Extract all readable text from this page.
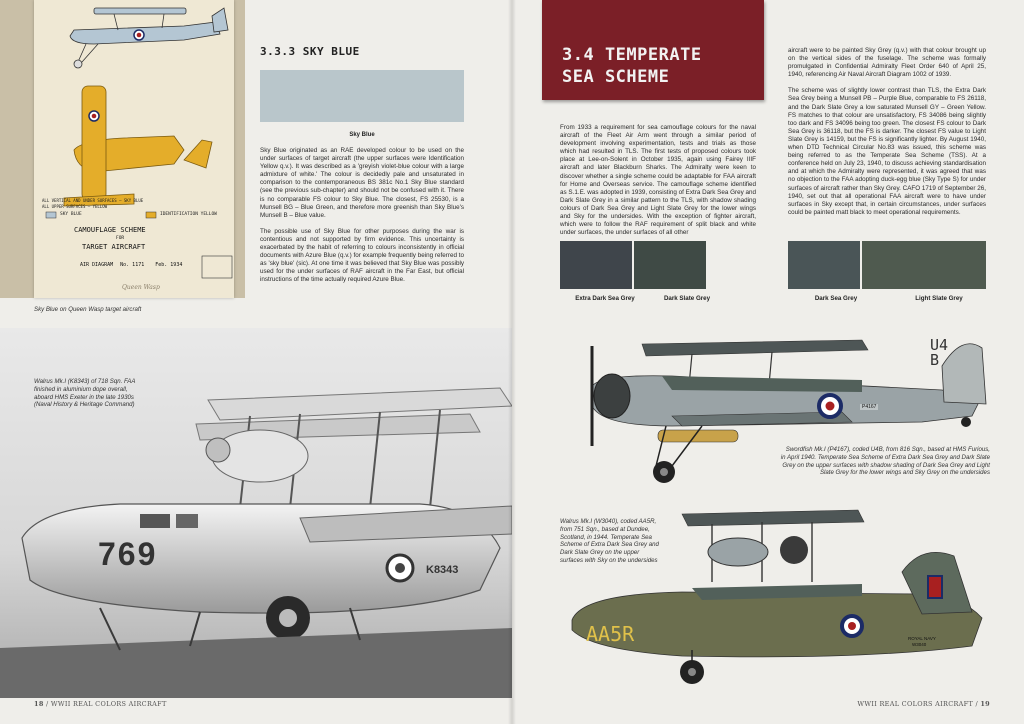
ALL VERTICAL AND UNDER SURFACES – SKY BLUE
ALL UPPER SURFACES – YELLOW
SKY BLUE	IDENTIFICATION YELLOW
CAMOUFLAGE SCHEME
FOR
TARGET AIRCRAFT
AIR DIAGRAM No. 1171 Feb. 1934
Queen Wasp

Sky Blue on Queen Wasp target aircraft

3.3.3 SKY BLUE
Sky Blue

Sky Blue originated as an RAE developed colour to be used on the under surfaces of target aircraft (the upper surfaces were Identification Yellow q.v.). It was described as a 'greyish violet-blue colour with a large admixture of white.' The colour is decidedly pale and unsaturated in comparison to the contemporaneous BS 381c No.1 Sky Blue standard (see the previous sub-chapter) and should not be confused with it. There is no comparable FS colour to Sky Blue. The closest, FS 25530, is a Munsell BG – Blue Green, and therefore more greenish than Sky Blue's Munsell B – Blue value.

The possible use of Sky Blue for other purposes during the war is contentious and not supported by firm evidence. This uncertainty is exacerbated by the habit of referring to colours inconsistently in official documents with Azure Blue (q.v.) for example frequently being referred to as 'sky blue' (sic). At one time it was believed that Sky Blue was possibly used for the under surfaces of RAF aircraft in the Far East, but official instructions of the time actually required Azure Blue.

769	K8343

Walrus Mk.I (K8343) of 718 Sqn. FAA finished in aluminium dope overall, aboard HMS Exeter in the late 1930s (Naval History & Heritage Command)

18 / WWII REAL COLORS AIRCRAFT
3.4 TEMPERATE
SEA SCHEME

From 1933 a requirement for sea camouflage colours for the naval aircraft of the Fleet Air Arm went through a similar period of development involving experimentation, tests and trials as those which had resulted in TLS. The first tests of proposed colours took place at Lee-on-Solent in October 1935, again using Fairey IIIF aircraft and later Blackburn Sharks. The Admiralty were keen to discover whether a single scheme could be adaptable for FAA aircraft for Home and Overseas service. The camouflage scheme identified as S.1.E. was adopted in 1939, consisting of Extra Dark Sea Grey and Dark Slate Grey in a similar pattern to the TLS, with shadow shading colours of Dark Sea Grey and Light Slate Grey for the lower wings and Sky for the undersides. With the exception of fighter aircraft, which were to follow the RAF requirement of split black and white under surfaces, the under surfaces of all other

aircraft were to be painted Sky Grey (q.v.) with that colour brought up on the vertical sides of the fuselage. The scheme was formally promulgated in Confidential Admiralty Fleet Order 640 of April 25, 1940, referencing Air Naval Aircraft Diagram 1002 of 1939.

The scheme was of slightly lower contrast than TLS, the Extra Dark Sea Grey being a Munsell PB – Purple Blue, comparable to FS 26118, and the Dark Slate Grey a low saturated Munsell GY – Green Yellow. FS matches to that colour are unsatisfactory, FS 34086 being slightly too dark and FS 34096 being too green. The closest FS colour to Dark Sea Grey is 36118, but the FS is darker. The closest FS value to Light Slate Grey is 14159, but the FS is significantly lighter. By August 1940, when DTD Technical Circular No.83 was issued, this scheme was being referred to as the Temperate Sea Scheme (TSS). At a conference held on July 23, 1940, to discuss achieving standardisation and at which the Admiralty were represented, it was agreed that was no objection to the FAA adopting duck-egg blue (Sky Type S) for under surfaces of aircraft rather than Sky Grey. CAFO 1719 of September 26, 1940, set out that all operational FAA aircraft were to have under surfaces in Sky except that, in certain circumstances, under surfaces could be painted matt black to meet operational requirements.

Extra Dark Sea Grey	Dark Slate Grey	Dark Sea Grey	Light Slate Grey
U4B
P4167

Swordfish Mk.I (P4167), coded U4B, from 816 Sqn., based at HMS Furious, in April 1940. Temperate Sea Scheme of Extra Dark Sea Grey and Dark Slate Grey on the upper surfaces with shadow shading of Dark Sea Grey and Light Slate Grey for the lower wings and Sky Grey on the undersides

AA5R	ROYAL NAVY
W3040

Walrus Mk.I (W3040), coded AA5R, from 751 Sqn., based at Dundee, Scotland, in 1944. Temperate Sea Scheme of Extra Dark Sea Grey and Dark Slate Grey on the upper surfaces with Sky on the undersides

WWII REAL COLORS AIRCRAFT / 19
